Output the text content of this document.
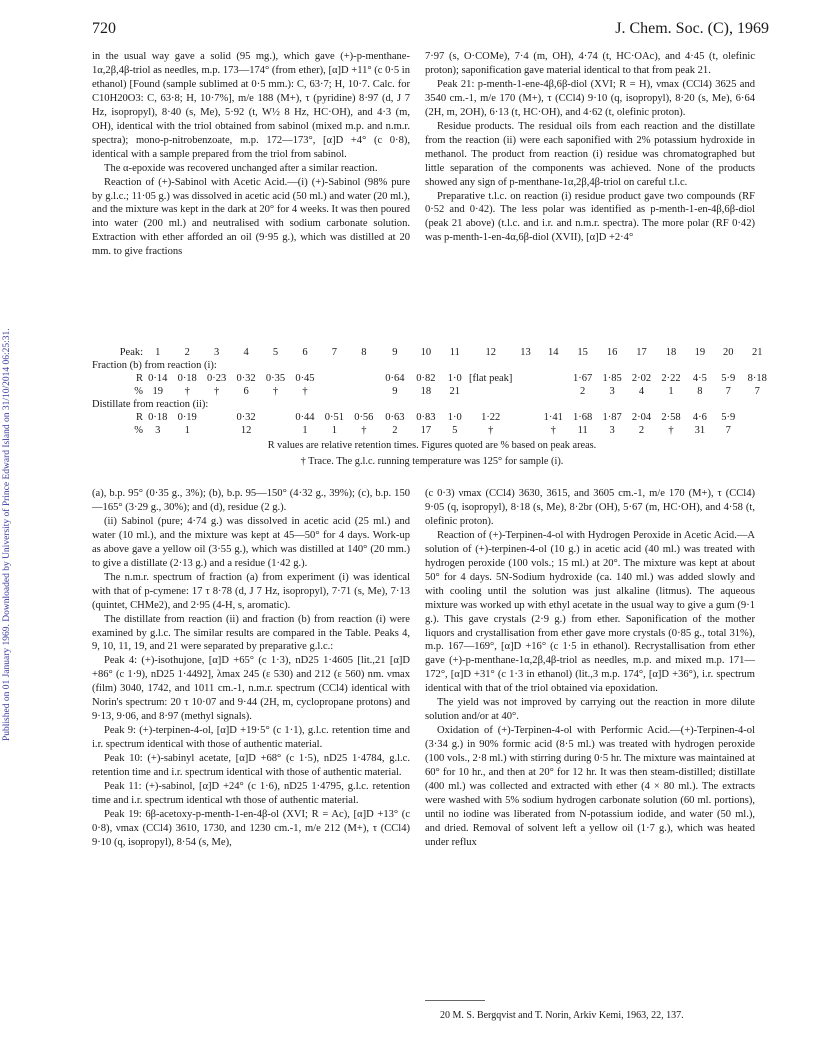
Published on 01 January 1969. Downloaded by University of Prince Edward Island on 31/10/2014 06:25:31.
720	J. Chem. Soc. (C), 1969

in the usual way gave a solid (95 mg.), which gave (+)-p-menthane-1α,2β,4β-triol as needles, m.p. 173—174° (from ether), [α]D +11° (c 0·5 in ethanol) [Found (sample sublimed at 0·5 mm.): C, 63·7; H, 10·7. Calc. for C10H20O3: C, 63·8; H, 10·7%], m/e 188 (M+), τ (pyridine) 8·97 (d, J 7 Hz, isopropyl), 8·40 (s, Me), 5·92 (t, W½ 8 Hz, HC·OH), and 4·3 (m, OH), identical with the triol obtained from sabinol (mixed m.p. and n.m.r. spectra); mono-p-nitrobenzoate, m.p. 172—173°, [α]D +4° (c 0·8), identical with a sample prepared from the triol from sabinol.

The α-epoxide was recovered unchanged after a similar reaction.

Reaction of (+)-Sabinol with Acetic Acid.—(i) (+)-Sabinol (98% pure by g.l.c.; 11·05 g.) was dissolved in acetic acid (50 ml.) and water (20 ml.), and the mixture was kept in the dark at 20° for 4 weeks. It was then poured into water (200 ml.) and neutralised with sodium carbonate solution. Extraction with ether afforded an oil (9·95 g.), which was distilled at 20 mm. to give fractions

7·97 (s, O·COMe), 7·4 (m, OH), 4·74 (t, HC·OAc), and 4·45 (t, olefinic proton); saponification gave material identical to that from peak 21.

Peak 21: p-menth-1-ene-4β,6β-diol (XVI; R = H), νmax (CCl4) 3625 and 3540 cm.-1, m/e 170 (M+), τ (CCl4) 9·10 (q, isopropyl), 8·20 (s, Me), 6·64 (2H, m, 2OH), 6·13 (t, HC·OH), and 4·62 (t, olefinic proton).

Residue products. The residual oils from each reaction and the distillate from the reaction (ii) were each saponified with 2% potassium hydroxide in methanol. The product from reaction (i) residue was chromatographed but little separation of the components was achieved. None of the products showed any sign of p-menthane-1α,2β,4β-triol on careful t.l.c.

Preparative t.l.c. on reaction (i) residue product gave two compounds (RF 0·52 and 0·42). The less polar was identified as p-menth-1-en-4β,6β-diol (peak 21 above) (t.l.c. and i.r. and n.m.r. spectra). The more polar (RF 0·42) was p-menth-1-en-4α,6β-diol (XVII), [α]D +2·4°

Peak:	1	2	3	4	5	6	7	8	9	10	11	12	13	14	15	16	17	18	19	20	21
Fraction (b) from reaction (i):																					
R	0·14	0·18	0·23	0·32	0·35	0·45			0·64	0·82	1·0	[flat peak]			1·67	1·85	2·02	2·22	4·5	5·9	8·18
%	19	†	†	6	†	†			9	18	21				2	3	4	1	8	7	7
Distillate from reaction (ii):																					
R	0·18	0·19		0·32		0·44	0·51	0·56	0·63	0·83	1·0	1·22		1·41	1·68	1·87	2·04	2·58	4·6	5·9	
%	3	1		12		1	1	†	2	17	5	†		†	11	3	2	†	31	7	
R values are relative retention times. Figures quoted are % based on peak areas.
† Trace. The g.l.c. running temperature was 125° for sample (i).

(a), b.p. 95° (0·35 g., 3%); (b), b.p. 95—150° (4·32 g., 39%); (c), b.p. 150—165° (3·29 g., 30%); and (d), residue (2 g.).

(ii) Sabinol (pure; 4·74 g.) was dissolved in acetic acid (25 ml.) and water (10 ml.), and the mixture was kept at 45—50° for 4 days. Work-up as above gave a yellow oil (3·55 g.), which was distilled at 140° (20 mm.) to give a distillate (2·13 g.) and a residue (1·42 g.).

The n.m.r. spectrum of fraction (a) from experiment (i) was identical with that of p-cymene: 17 τ 8·78 (d, J 7 Hz, isopropyl), 7·71 (s, Me), 7·13 (quintet, CHMe2), and 2·95 (4-H, s, aromatic).

The distillate from reaction (ii) and fraction (b) from reaction (i) were examined by g.l.c. The similar results are compared in the Table. Peaks 4, 9, 10, 11, 19, and 21 were separated by preparative g.l.c.:

Peak 4: (+)-isothujone, [α]D +65° (c 1·3), nD25 1·4605 [lit.,21 [α]D +86° (c 1·9), nD25 1·4492], λmax 245 (ε 530) and 212 (ε 560) nm. νmax (film) 3040, 1742, and 1011 cm.-1, n.m.r. spectrum (CCl4) identical with Norin's spectrum: 20 τ 10·07 and 9·44 (2H, m, cyclopropane protons) and 9·13, 9·06, and 8·97 (methyl signals).

Peak 9: (+)-terpinen-4-ol, [α]D +19·5° (c 1·1), g.l.c. retention time and i.r. spectrum identical with those of authentic material.

Peak 10: (+)-sabinyl acetate, [α]D +68° (c 1·5), nD25 1·4784, g.l.c. retention time and i.r. spectrum identical with those of authentic material.

Peak 11: (+)-sabinol, [α]D +24° (c 1·6), nD25 1·4795, g.l.c. retention time and i.r. spectrum identical wth those of authentic material.

Peak 19: 6β-acetoxy-p-menth-1-en-4β-ol (XVI; R = Ac), [α]D +13° (c 0·8), νmax (CCl4) 3610, 1730, and 1230 cm.-1, m/e 212 (M+), τ (CCl4) 9·10 (q, isopropyl), 8·54 (s, Me),

(c 0·3) νmax (CCl4) 3630, 3615, and 3605 cm.-1, m/e 170 (M+), τ (CCl4) 9·05 (q, isopropyl), 8·18 (s, Me), 8·2br (OH), 5·67 (m, HC·OH), and 4·58 (t, olefinic proton).

Reaction of (+)-Terpinen-4-ol with Hydrogen Peroxide in Acetic Acid.—A solution of (+)-terpinen-4-ol (10 g.) in acetic acid (40 ml.) was treated with hydrogen peroxide (100 vols.; 15 ml.) at 20°. The mixture was kept at about 50° for 4 days. 5N-Sodium hydroxide (ca. 140 ml.) was added slowly and with cooling until the solution was just alkaline (litmus). The aqueous mixture was worked up with ethyl acetate in the usual way to give a gum (9·1 g.). This gave crystals (2·9 g.) from ether. Saponification of the mother liquors and crystallisation from ether gave more crystals (0·85 g., total 31%), m.p. 167—169°, [α]D +16° (c 1·5 in ethanol). Recrystallisation from ether gave (+)-p-menthane-1α,2β,4β-triol as needles, m.p. and mixed m.p. 171—172°, [α]D +31° (c 1·3 in ethanol) (lit.,3 m.p. 174°, [α]D +36°), i.r. spectrum identical with that of the triol obtained via epoxidation.

The yield was not improved by carrying out the reaction in more dilute solution and/or at 40°.

Oxidation of (+)-Terpinen-4-ol with Performic Acid.—(+)-Terpinen-4-ol (3·34 g.) in 90% formic acid (8·5 ml.) was treated with hydrogen peroxide (100 vols., 2·8 ml.) with stirring during 0·5 hr. The mixture was maintained at 60° for 10 hr., and then at 20° for 12 hr. It was then steam-distilled; distillate (400 ml.) was collected and extracted with ether (4 × 80 ml.). The extracts were washed with 5% sodium hydrogen carbonate solution (60 ml. portions), until no iodine was liberated from N-potassium iodide, and water (50 ml.), and dried. Removal of solvent left a yellow oil (1·7 g.), which was heated under reflux

20 M. S. Bergqvist and T. Norin, Arkiv Kemi, 1963, 22, 137.
